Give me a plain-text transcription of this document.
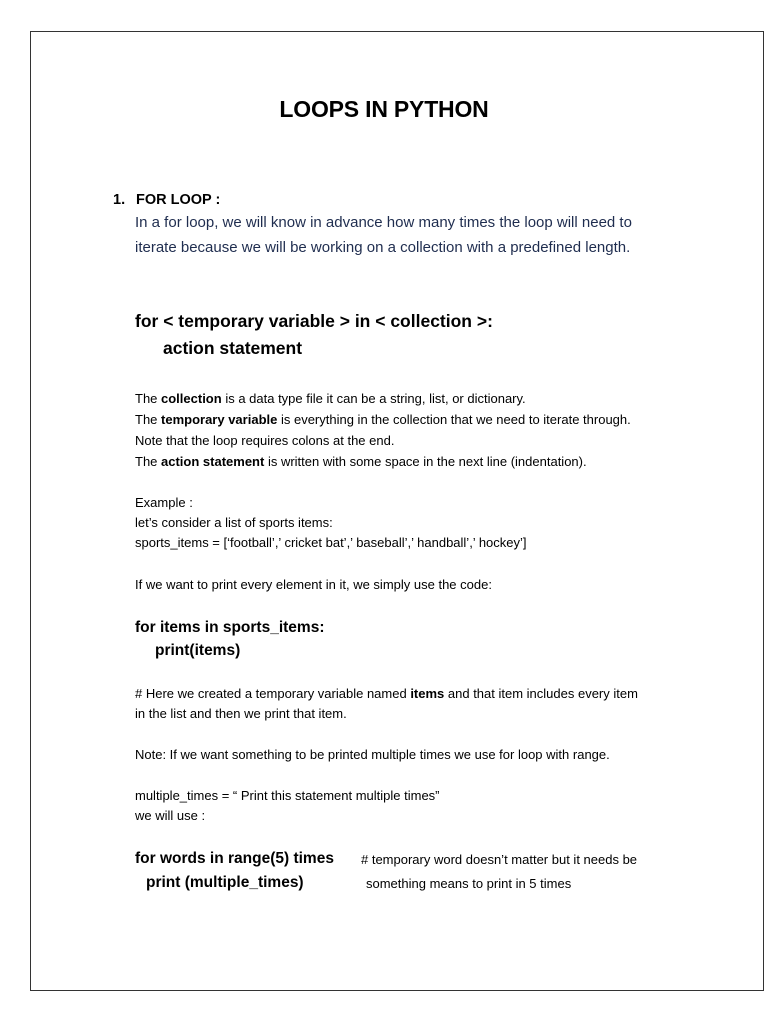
LOOPS IN PYTHON
1. FOR LOOP :
In a for loop, we will know in advance how many times the loop will need to
iterate because we will be working on a collection with a predefined length.
for < temporary variable > in < collection >:
action statement
The collection is a data type file it can be a string, list, or dictionary.
The temporary variable is everything in the collection that we need to iterate through.
Note that the loop requires colons at the end.
The action statement is written with some space in the next line (indentation).
Example :
let’s consider a list of sports items:
sports_items = [‘football’,’ cricket bat’,’ baseball’,’ handball’,’ hockey’]
If we want to print every element in it, we simply use the code:
for items in sports_items:
print(items)
# Here we created a temporary variable named items and that item includes every item
in the list and then we print that item.
Note: If we want something to be printed multiple times we use for loop with range.
multiple_times = “ Print this statement multiple times”
we will use :
for words in range(5) times
print (multiple_times)
# temporary word doesn’t matter but it needs be
something means to print in 5 times
